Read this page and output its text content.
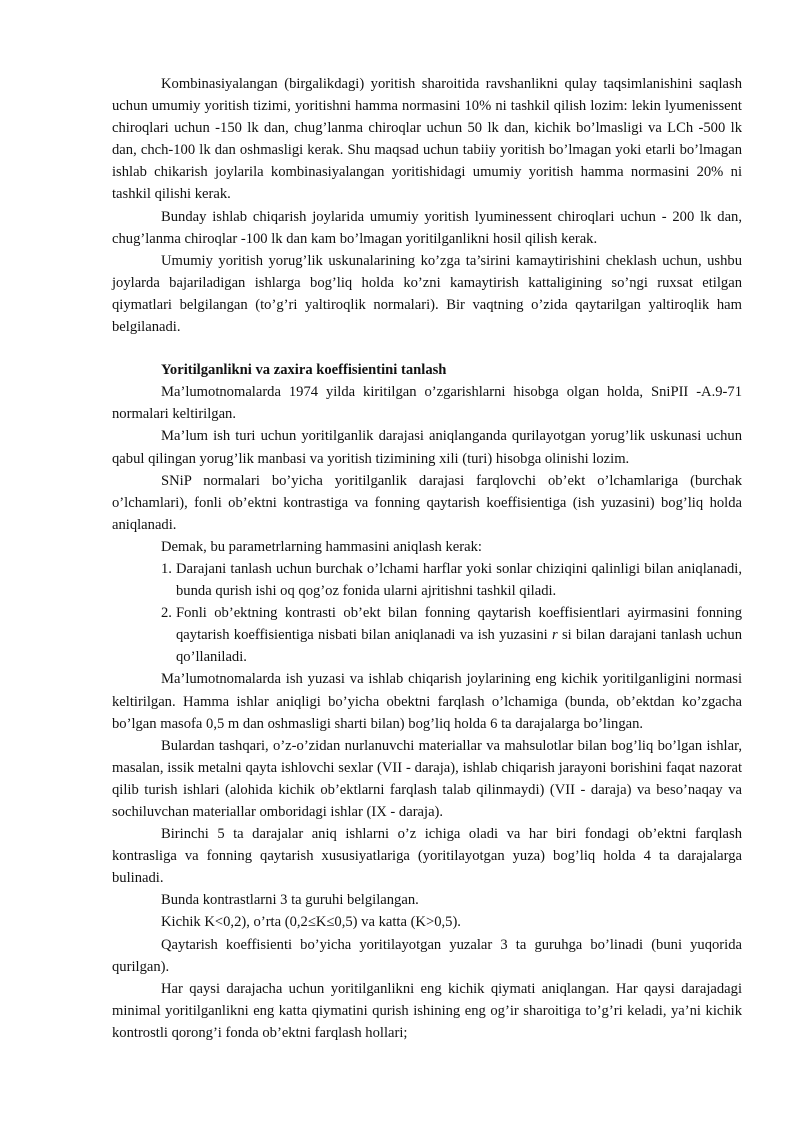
Kombinasiyalangan (birgalikdagi) yoritish sharoitida ravshanlikni qulay taqsimlanishini saqlash uchun umumiy yoritish tizimi, yoritishni hamma normasini 10% ni tashkil qilish lozim: lekin lyumenissent chiroqlari uchun -150 lk dan, chug’lanma chiroqlar uchun 50 lk dan, kichik bo’lmasligi va LCh -500 lk dan, chch-100 lk dan oshmasligi kerak. Shu maqsad uchun tabiiy yoritish bo’lmagan yoki etarli bo’lmagan ishlab chikarish joylarila kombinasiyalangan yoritishidagi umumiy yoritish hamma normasini 20% ni tashkil qilishi kerak.

Bunday ishlab chiqarish joylarida umumiy yoritish lyuminessent chiroqlari uchun - 200 lk dan, chug’lanma chiroqlar -100 lk dan kam bo’lmagan yoritilganlikni hosil qilish kerak.

Umumiy yoritish yorug’lik uskunalarining ko’zga ta’sirini kamaytirishini cheklash uchun, ushbu joylarda bajariladigan ishlarga bog’liq holda ko’zni kamaytirish kattaligining so’ngi ruxsat etilgan qiymatlari belgilangan (to’g’ri yaltiroqlik normalari). Bir vaqtning o’zida qaytarilgan yaltiroqlik ham belgilanadi.

Yoritilganlikni va zaxira koeffisientini tanlash

Ma’lumotnomalarda 1974 yilda kiritilgan o’zgarishlarni hisobga olgan holda, SniPII -A.9-71 normalari keltirilgan.

Ma’lum ish turi uchun yoritilganlik darajasi aniqlanganda qurilayotgan yorug’lik uskunasi uchun qabul qilingan yorug’lik manbasi va yoritish tizimining xili (turi) hisobga olinishi lozim.

SNiP normalari bo’yicha yoritilganlik darajasi farqlovchi ob’ekt o’lchamlariga (burchak o’lchamlari), fonli ob’ektni kontrastiga va fonning qaytarish koeffisientiga (ish yuzasini) bog’liq holda aniqlanadi.

Demak, bu parametrlarning hammasini aniqlash kerak:

1. Darajani tanlash uchun burchak o’lchami harflar yoki sonlar chiziqini qalinligi bilan aniqlanadi, bunda qurish ishi oq qog’oz fonida ularni ajritishni tashkil qiladi.
2. Fonli ob’ektning kontrasti ob’ekt bilan fonning qaytarish koeffisientlari ayirmasini fonning qaytarish koeffisientiga nisbati bilan aniqlanadi va ish yuzasini r si bilan darajani tanlash uchun qo’llaniladi.

Ma’lumotnomalarda ish yuzasi va ishlab chiqarish joylarining eng kichik yoritilganligini normasi keltirilgan. Hamma ishlar aniqligi bo’yicha obektni farqlash o’lchamiga (bunda, ob’ektdan ko’zgacha bo’lgan masofa 0,5 m dan oshmasligi sharti bilan) bog’liq holda 6 ta darajalarga bo’lingan.

Bulardan tashqari, o’z-o’zidan nurlanuvchi materiallar va mahsulotlar bilan bog’liq bo’lgan ishlar, masalan, issik metalni qayta ishlovchi sexlar (VII - daraja), ishlab chiqarish jarayoni borishini faqat nazorat qilib turish ishlari (alohida kichik ob’ektlarni farqlash talab qilinmaydi) (VII - daraja) va beso’naqay va sochiluvchan materiallar omboridagi ishlar (IX - daraja).

Birinchi 5 ta darajalar aniq ishlarni o’z ichiga oladi va har biri fondagi ob’ektni farqlash kontrasliga va fonning qaytarish xususiyatlariga (yoritilayotgan yuza) bog’liq holda 4 ta darajalarga bulinadi.

Bunda kontrastlarni 3 ta guruhi belgilangan.

Kichik K<0,2), o’rta (0,2≤K≤0,5) va katta (K>0,5).

Qaytarish koeffisienti bo’yicha yoritilayotgan yuzalar 3 ta guruhga bo’linadi (buni yuqorida qurilgan).

Har qaysi darajacha uchun yoritilganlikni eng kichik qiymati aniqlangan. Har qaysi darajadagi minimal yoritilganlikni eng katta qiymatini qurish ishining eng og’ir sharoitiga to’g’ri keladi, ya’ni kichik kontrostli qorong’i fonda ob’ektni farqlash hollari;
